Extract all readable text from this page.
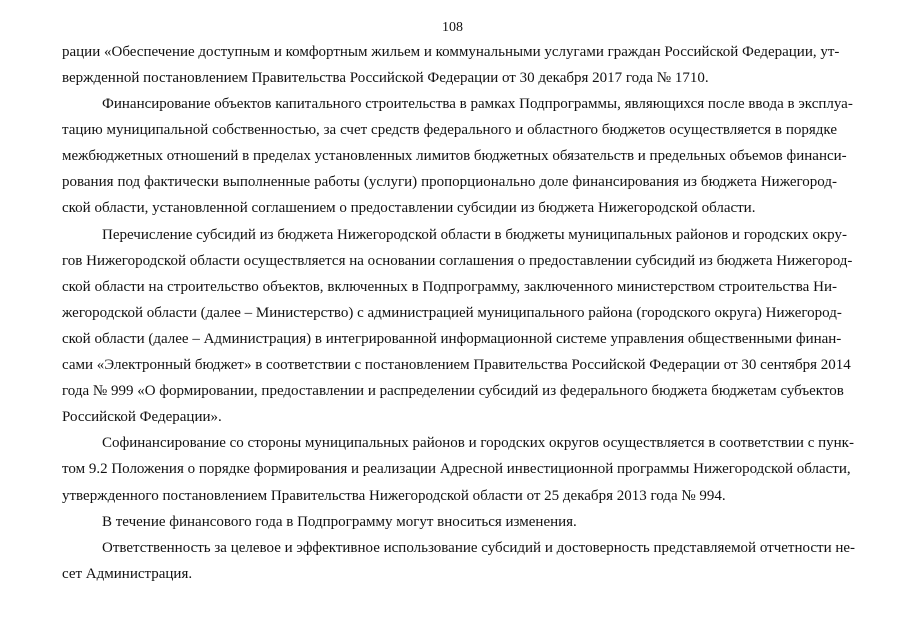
108
рации «Обеспечение доступным и комфортным жильем и коммунальными услугами граждан Российской Федерации, ут-
вержденной постановлением Правительства Российской Федерации от 30 декабря 2017 года № 1710.
Финансирование объектов капитального строительства в рамках Подпрограммы, являющихся после ввода в эксплуа-
тацию муниципальной собственностью, за счет средств федерального и областного бюджетов осуществляется в порядке
межбюджетных отношений в пределах установленных лимитов бюджетных обязательств и предельных объемов финанси-
рования под фактически выполненные работы (услуги) пропорционально доле финансирования из бюджета Нижегород-
ской области, установленной соглашением о предоставлении субсидии из бюджета Нижегородской области.
Перечисление субсидий из бюджета Нижегородской области в бюджеты муниципальных районов и городских окру-
гов Нижегородской области осуществляется на основании соглашения о предоставлении субсидий из бюджета Нижегород-
ской области на строительство объектов, включенных в Подпрограмму, заключенного министерством строительства Ни-
жегородской области (далее – Министерство) с администрацией муниципального района (городского округа) Нижегород-
ской области (далее – Администрация) в интегрированной информационной системе управления общественными финан-
сами «Электронный бюджет» в соответствии с постановлением Правительства Российской Федерации от 30 сентября 2014
года № 999 «О формировании, предоставлении и распределении субсидий из федерального бюджета бюджетам субъектов
Российской Федерации».
Софинансирование со стороны муниципальных районов и городских округов осуществляется в соответствии с пунк-
том 9.2 Положения о порядке формирования и реализации Адресной инвестиционной программы Нижегородской области,
утвержденного постановлением Правительства Нижегородской области от 25 декабря 2013 года № 994.
В течение финансового года в Подпрограмму могут вноситься изменения.
Ответственность за целевое и эффективное использование субсидий и достоверность представляемой отчетности не-
сет Администрация.
